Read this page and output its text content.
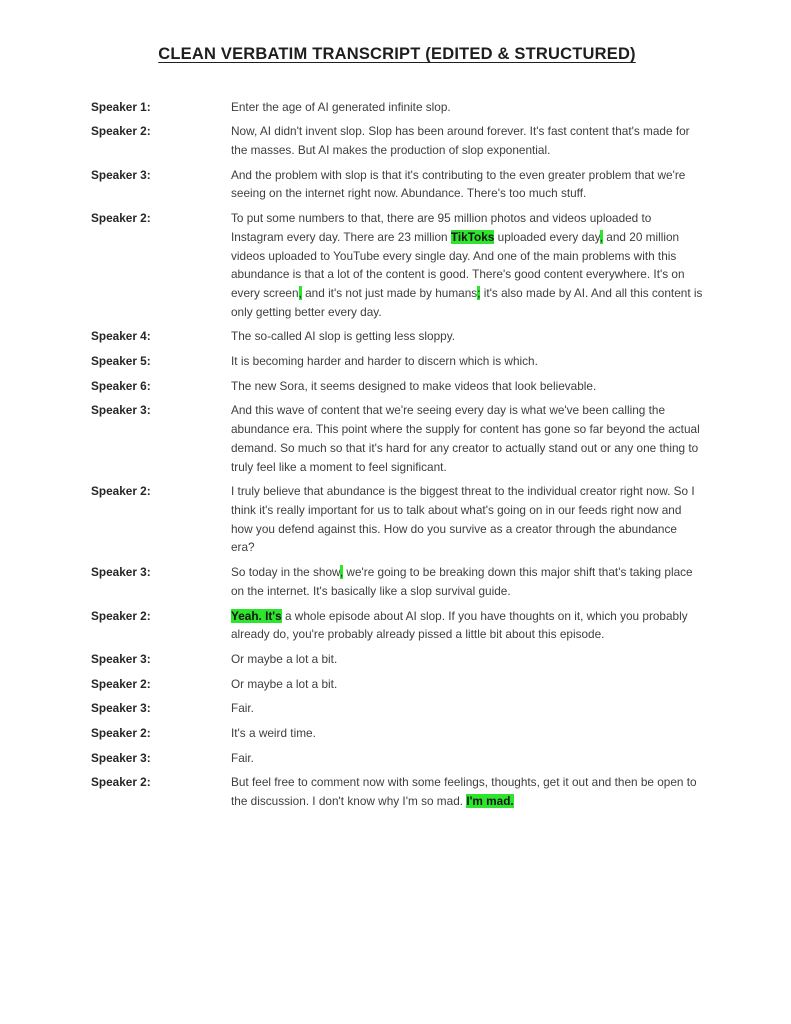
CLEAN VERBATIM TRANSCRIPT (EDITED & STRUCTURED)
Speaker 1:	Enter the age of AI generated infinite slop.
Speaker 2:	Now, AI didn't invent slop. Slop has been around forever. It's fast content that's made for the masses. But AI makes the production of slop exponential.
Speaker 3:	And the problem with slop is that it's contributing to the even greater problem that we're seeing on the internet right now. Abundance. There's too much stuff.
Speaker 2:	To put some numbers to that, there are 95 million photos and videos uploaded to Instagram every day. There are 23 million TikToks uploaded every day, and 20 million videos uploaded to YouTube every single day. And one of the main problems with this abundance is that a lot of the content is good. There's good content everywhere. It's on every screen, and it's not just made by humans; it's also made by AI. And all this content is only getting better every day.
Speaker 4:	The so-called AI slop is getting less sloppy.
Speaker 5:	It is becoming harder and harder to discern which is which.
Speaker 6:	The new Sora, it seems designed to make videos that look believable.
Speaker 3:	And this wave of content that we're seeing every day is what we've been calling the abundance era. This point where the supply for content has gone so far beyond the actual demand. So much so that it's hard for any creator to actually stand out or any one thing to truly feel like a moment to feel significant.
Speaker 2:	I truly believe that abundance is the biggest threat to the individual creator right now. So I think it's really important for us to talk about what's going on in our feeds right now and how you defend against this. How do you survive as a creator through the abundance era?
Speaker 3:	So today in the show, we're going to be breaking down this major shift that's taking place on the internet. It's basically like a slop survival guide.
Speaker 2:	Yeah. It's a whole episode about AI slop. If you have thoughts on it, which you probably already do, you're probably already pissed a little bit about this episode.
Speaker 3:	Or maybe a lot a bit.
Speaker 2:	Or maybe a lot a bit.
Speaker 3:	Fair.
Speaker 2:	It's a weird time.
Speaker 3:	Fair.
Speaker 2:	But feel free to comment now with some feelings, thoughts, get it out and then be open to the discussion. I don't know why I'm so mad. I'm mad.
